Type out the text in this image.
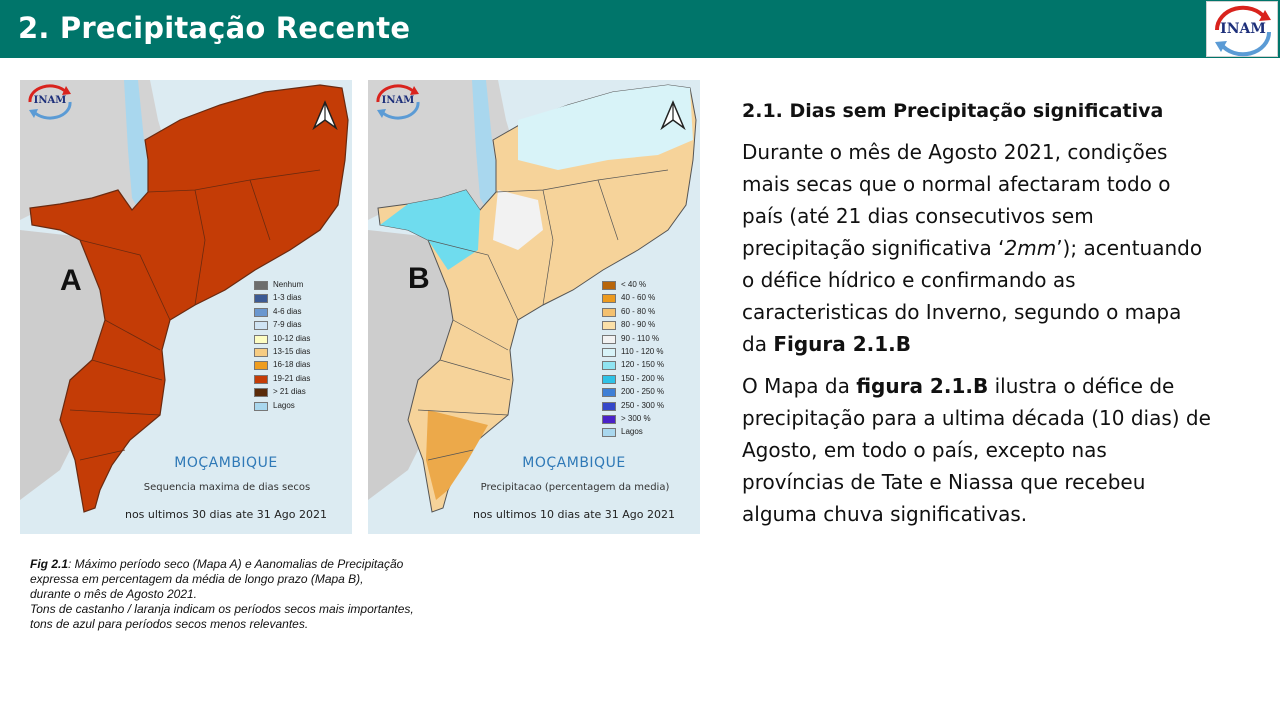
2. Precipitação Recente	INAM
INAM
A	Nenhum
1-3 dias
4-6 dias
7-9 dias
10-12 dias
13-15 dias
16-18 dias
19-21 dias
> 21 dias
Lagos
MOÇAMBIQUE
Sequencia maxima de dias secos
nos ultimos 30 dias ate 31 Ago 2021
INAM
B	< 40 %
40 - 60 %
60 - 80 %
80 - 90 %
90 - 110 %
110 - 120 %
120 - 150 %
150 - 200 %
200 - 250 %
250 - 300 %
> 300 %
Lagos
MOÇAMBIQUE
Precipitacao (percentagem da media)
nos ultimos 10 dias ate 31 Ago 2021
Fig 2.1: Máximo período seco (Mapa A) e Aanomalias de Precipitação
expressa em percentagem da média de longo prazo (Mapa B),
durante o mês de Agosto 2021.
Tons de castanho / laranja indicam os períodos secos mais importantes,
tons de azul para períodos secos menos relevantes.
2.1. Dias sem Precipitação significativa
Durante o mês de Agosto 2021, condições
mais secas que o normal afectaram todo o
país (até 21 dias consecutivos sem
precipitação significativa ‘2mm’); acentuando
o défice hídrico e confirmando as
caracteristicas do Inverno, segundo o mapa
da Figura 2.1.B
O Mapa da figura 2.1.B ilustra o défice de
precipitação para a ultima década (10 dias) de
Agosto, em todo o país, excepto nas
províncias de Tate e Niassa que recebeu
alguma chuva significativas.
